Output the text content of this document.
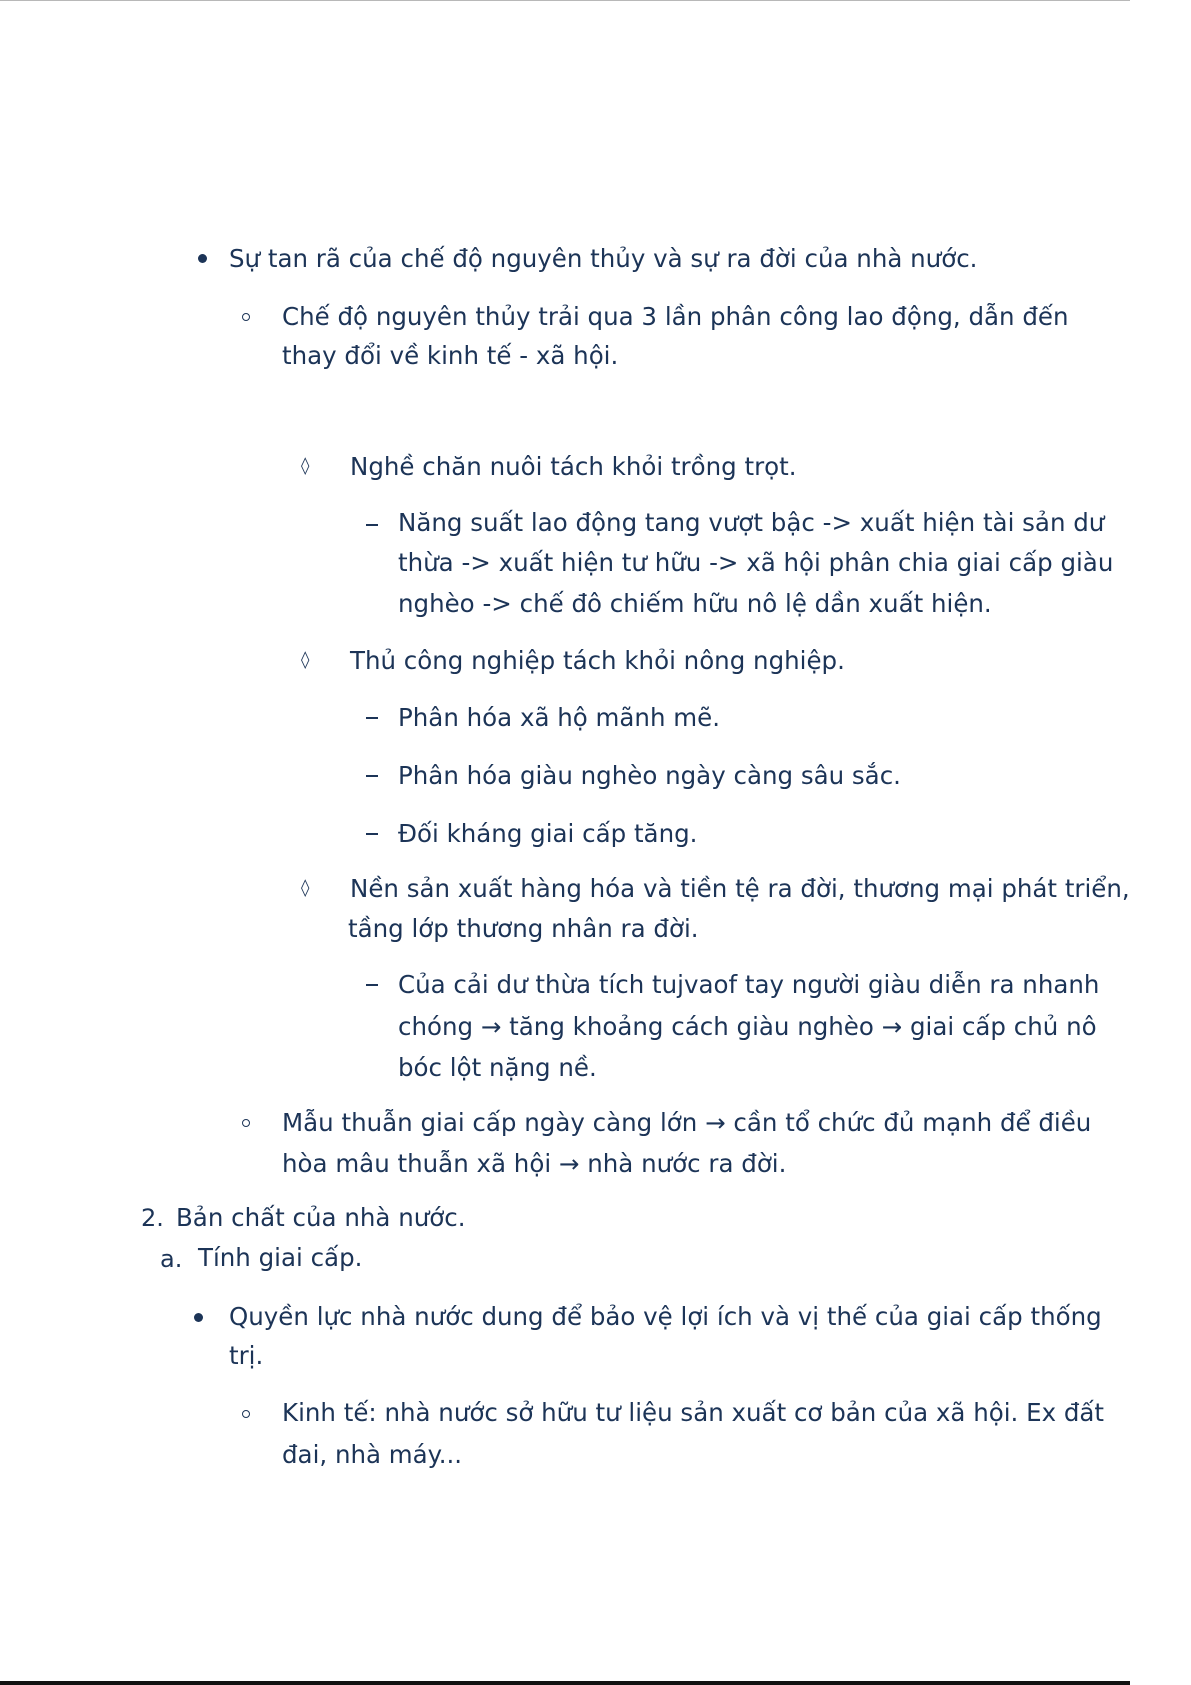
Sự tan rã của chế độ nguyên thủy và sự ra đời của nhà nước.
Chế độ nguyên thủy trải qua 3 lần phân công lao động, dẫn đến
thay đổi về kinh tế - xã hội.
◊ Nghề chăn nuôi tách khỏi trồng trọt.
Năng suất lao động tang vượt bậc -> xuất hiện tài sản dư
thừa -> xuất hiện tư hữu -> xã hội phân chia giai cấp giàu
nghèo -> chế đô chiếm hữu nô lệ dần xuất hiện.
◊ Thủ công nghiệp tách khỏi nông nghiệp.
Phân hóa xã hộ mãnh mẽ.
Phân hóa giàu nghèo ngày càng sâu sắc.
Đối kháng giai cấp tăng.
◊ Nền sản xuất hàng hóa và tiền tệ ra đời, thương mại phát triển,
tầng lớp thương nhân ra đời.
Của cải dư thừa tích tujvaof tay người giàu diễn ra nhanh
chóng → tăng khoảng cách giàu nghèo → giai cấp chủ nô
bóc lột nặng nề.
Mẫu thuẫn giai cấp ngày càng lớn → cần tổ chức đủ mạnh để điều
hòa mâu thuẫn xã hội → nhà nước ra đời.
2. Bản chất của nhà nước.
a. Tính giai cấp.
Quyền lực nhà nước dung để bảo vệ lợi ích và vị thế của giai cấp thống
trị.
Kinh tế: nhà nước sở hữu tư liệu sản xuất cơ bản của xã hội. Ex đất
đai, nhà máy...
